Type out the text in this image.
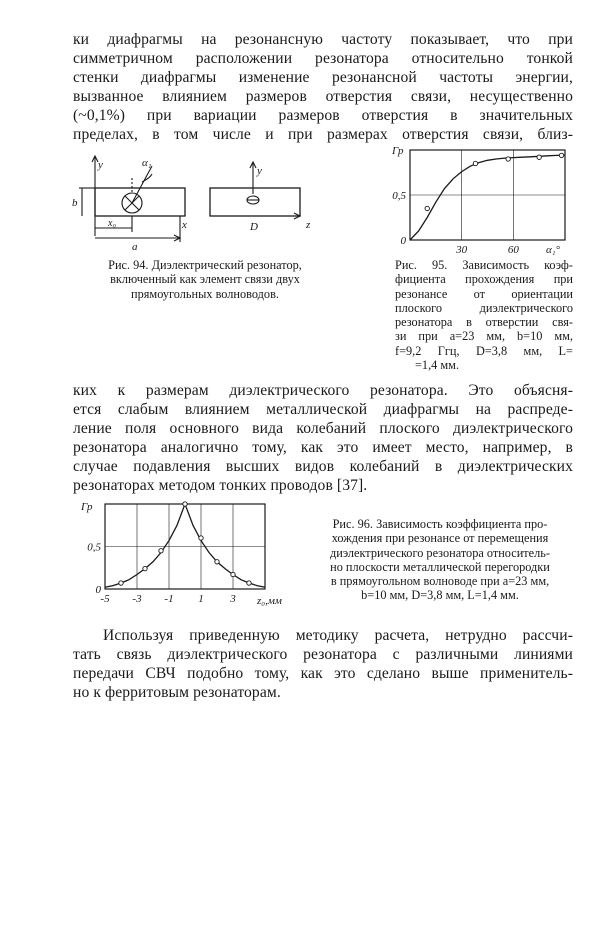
ки диафрагмы на резонансную частоту показывает, что при
симметричном расположении резонатора относительно тонкой
стенки диафрагмы изменение резонансной частоты энергии,
вызванное влиянием размеров отверстия связи, несущественно
(~0,1%) при вариации размеров отверстия в значительных
пределах, в том числе и при размерах отверстия связи, близ-
y	α₁
b
x₀
a
x
y
D	z
Рис. 94. Диэлектрический резонатор,
включенный как элемент связи двух
прямоугольных волноводов.
30	60
0
0,5
α₁°
Гр
Рис. 95. Зависимость коэф-
фициента прохождения при
резонансе от ориентации
плоского диэлектрического
резонатора в отверстии свя-
зи при a=23 мм, b=10 мм,
f=9,2 Ггц, D=3,8 мм, L=
=1,4 мм.
ких к размерам диэлектрического резонатора. Это объясня-
ется слабым влиянием металлической диафрагмы на распреде-
ление поля основного вида колебаний плоского диэлектрического
резонатора аналогично тому, как это имеет место, например, в
случае подавления высших видов колебаний в диэлектрических
резонаторах методом тонких проводов [37].
-5 -3 -1 1 3
0
0,5
z₀,мм
Гр
Рис. 96. Зависимость коэффициента про-
хождения при резонансе от перемещения
диэлектрического резонатора относитель-
но плоскости металлической перегородки
в прямоугольном волноводе при a=23 мм,
b=10 мм, D=3,8 мм, L=1,4 мм.
Используя приведенную методику расчета, нетрудно рассчи-
тать связь диэлектрического резонатора с различными линиями
передачи СВЧ подобно тому, как это сделано выше применитель-
но к ферритовым резонаторам.
